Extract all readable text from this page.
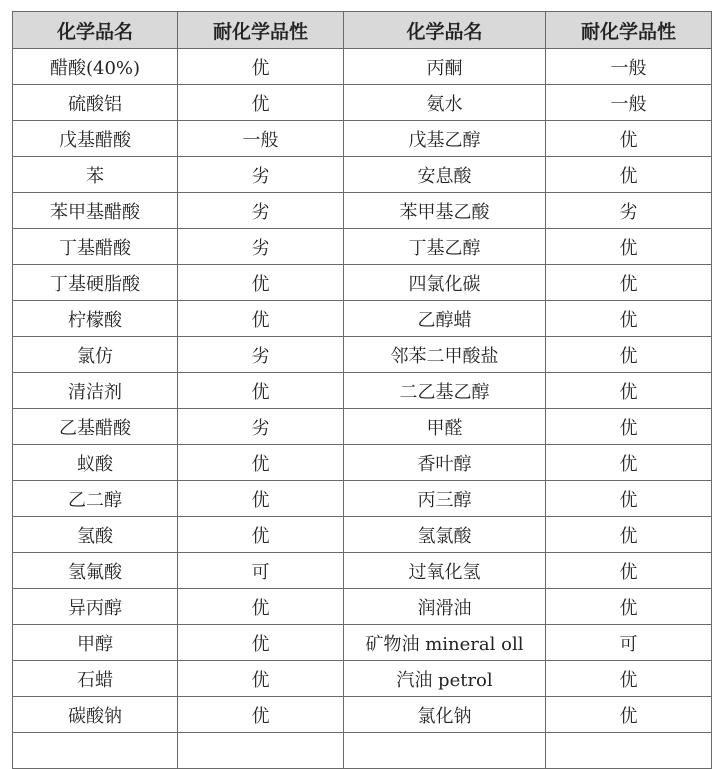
化学品名	耐化学品性	化学品名	耐化学品性
醋酸(40%)	优	丙酮	一般
硫酸铝	优	氨水	一般
戊基醋酸	一般	戊基乙醇	优
苯	劣	安息酸	优
苯甲基醋酸	劣	苯甲基乙酸	劣
丁基醋酸	劣	丁基乙醇	优
丁基硬脂酸	优	四氯化碳	优
柠檬酸	优	乙醇蜡	优
氯仿	劣	邻苯二甲酸盐	优
清洁剂	优	二乙基乙醇	优
乙基醋酸	劣	甲醛	优
蚁酸	优	香叶醇	优
乙二醇	优	丙三醇	优
氢酸	优	氢氯酸	优
氢氟酸	可	过氧化氢	优
异丙醇	优	润滑油	优
甲醇	优	矿物油 mineral oll	可
石蜡	优	汽油 petrol	优
碳酸钠	优	氯化钠	优
